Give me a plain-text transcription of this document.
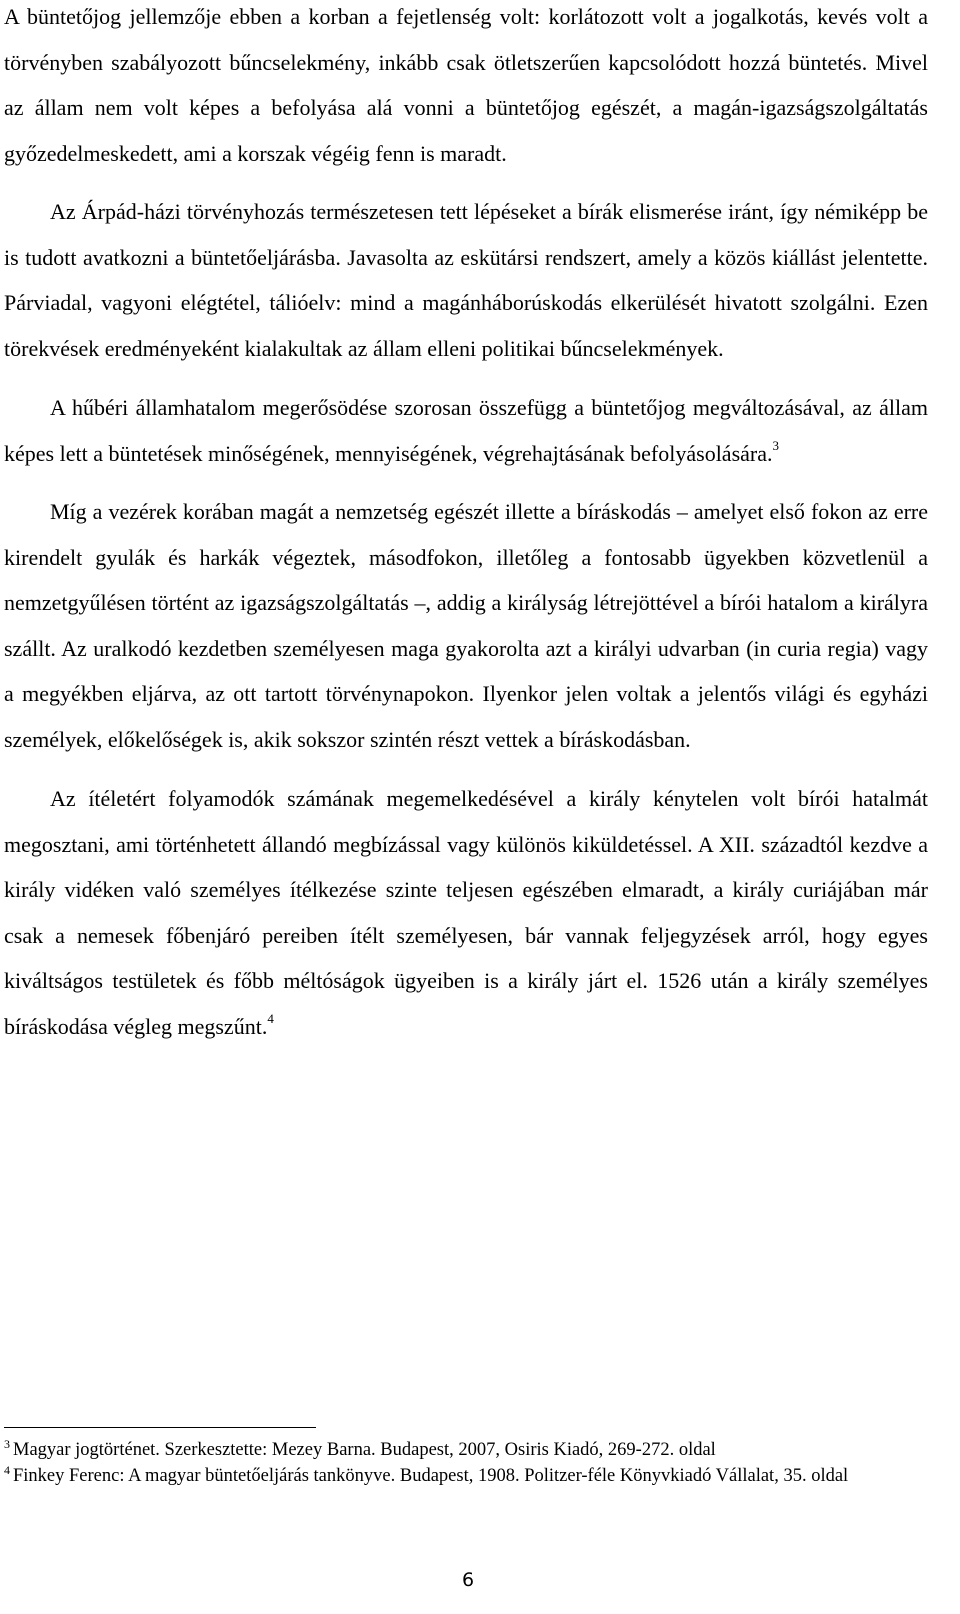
A büntetőjog jellemzője ebben a korban a fejetlenség volt: korlátozott volt a jogalkotás, kevés volt a törvényben szabályozott bűncselekmény, inkább csak ötletszerűen kapcsolódott hozzá büntetés. Mivel az állam nem volt képes a befolyása alá vonni a büntetőjog egészét, a magán-igazságszolgáltatás győzedelmeskedett, ami a korszak végéig fenn is maradt.

Az Árpád-házi törvényhozás természetesen tett lépéseket a bírák elismerése iránt, így némiképp be is tudott avatkozni a büntetőeljárásba. Javasolta az eskütársi rendszert, amely a közös kiállást jelentette. Párviadal, vagyoni elégtétel, tálióelv: mind a magánháborúskodás elkerülését hivatott szolgálni. Ezen törekvések eredményeként kialakultak az állam elleni politikai bűncselekmények.

A hűbéri államhatalom megerősödése szorosan összefügg a büntetőjog megváltozásával, az állam képes lett a büntetések minőségének, mennyiségének, végrehajtásának befolyásolására.$^3$

Míg a vezérek korában magát a nemzetség egészét illette a bíráskodás – amelyet első fokon az erre kirendelt gyulák és harkák végeztek, másodfokon, illetőleg a fontosabb ügyekben közvetlenül a nemzetgyűlésen történt az igazságszolgáltatás –, addig a királyság létrejöttével a bírói hatalom a királyra szállt. Az uralkodó kezdetben személyesen maga gyakorolta azt a királyi udvarban (in curia regia) vagy a megyékben eljárva, az ott tartott törvénynapokon. Ilyenkor jelen voltak a jelentős világi és egyházi személyek, előkelőségek is, akik sokszor szintén részt vettek a bíráskodásban.

Az ítéletért folyamodók számának megemelkedésével a király kénytelen volt bírói hatalmát megosztani, ami történhetett állandó megbízással vagy különös kiküldetéssel. A XII. századtól kezdve a király vidéken való személyes ítélkezése szinte teljesen egészében elmaradt, a király curiájában már csak a nemesek főbenjáró pereiben ítélt személyesen, bár vannak feljegyzések arról, hogy egyes kiváltságos testületek és főbb méltóságok ügyeiben is a király járt el. 1526 után a király személyes bíráskodása végleg megszűnt.$^4$

$^3$ Magyar jogtörténet. Szerkesztette: Mezey Barna. Budapest, 2007, Osiris Kiadó, 269-272. oldal

$^4$ Finkey Ferenc: A magyar büntetőeljárás tankönyve. Budapest, 1908. Politzer-féle Könyvkiadó Vállalat, 35. oldal

6
